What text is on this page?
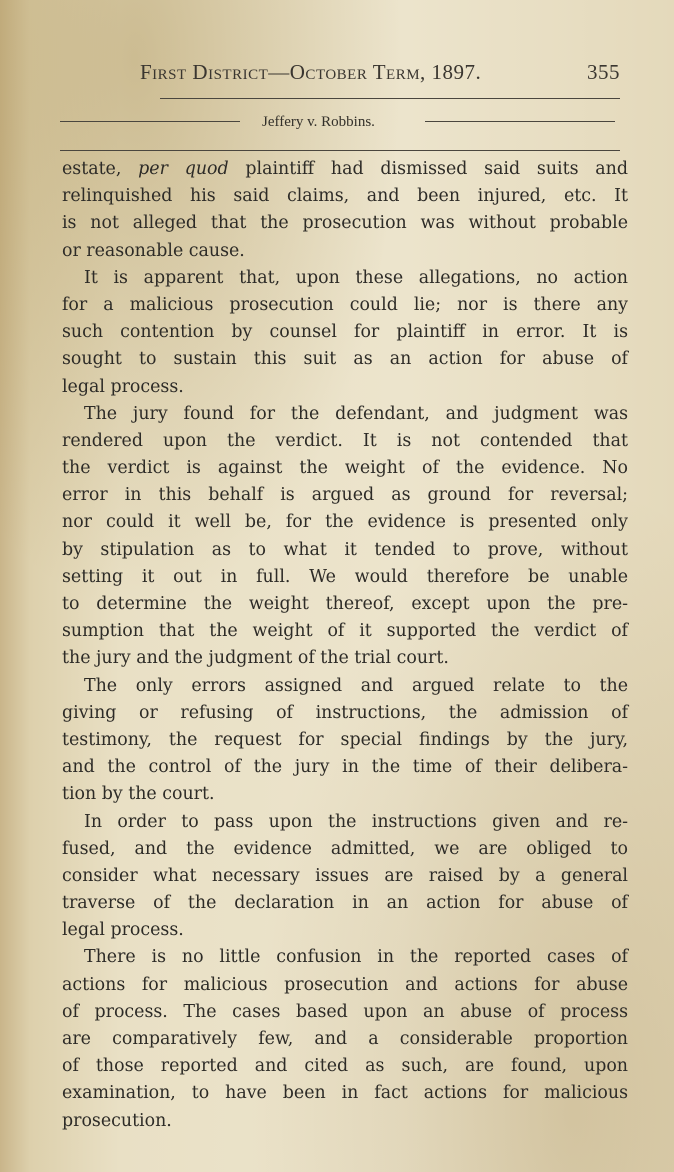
First District—October Term, 1897.	355
Jeffery v. Robbins.
estate, per quod plaintiff had dismissed said suits and
relinquished his said claims, and been injured, etc. It
is not alleged that the prosecution was without probable
or reasonable cause.
It is apparent that, upon these allegations, no action
for a malicious prosecution could lie; nor is there any
such contention by counsel for plaintiff in error. It is
sought to sustain this suit as an action for abuse of
legal process.
The jury found for the defendant, and judgment was
rendered upon the verdict. It is not contended that
the verdict is against the weight of the evidence. No
error in this behalf is argued as ground for reversal;
nor could it well be, for the evidence is presented only
by stipulation as to what it tended to prove, without
setting it out in full. We would therefore be unable
to determine the weight thereof, except upon the pre-
sumption that the weight of it supported the verdict of
the jury and the judgment of the trial court.
The only errors assigned and argued relate to the
giving or refusing of instructions, the admission of
testimony, the request for special findings by the jury,
and the control of the jury in the time of their delibera-
tion by the court.
In order to pass upon the instructions given and re-
fused, and the evidence admitted, we are obliged to
consider what necessary issues are raised by a general
traverse of the declaration in an action for abuse of
legal process.
There is no little confusion in the reported cases of
actions for malicious prosecution and actions for abuse
of process. The cases based upon an abuse of process
are comparatively few, and a considerable proportion
of those reported and cited as such, are found, upon
examination, to have been in fact actions for malicious
prosecution.
